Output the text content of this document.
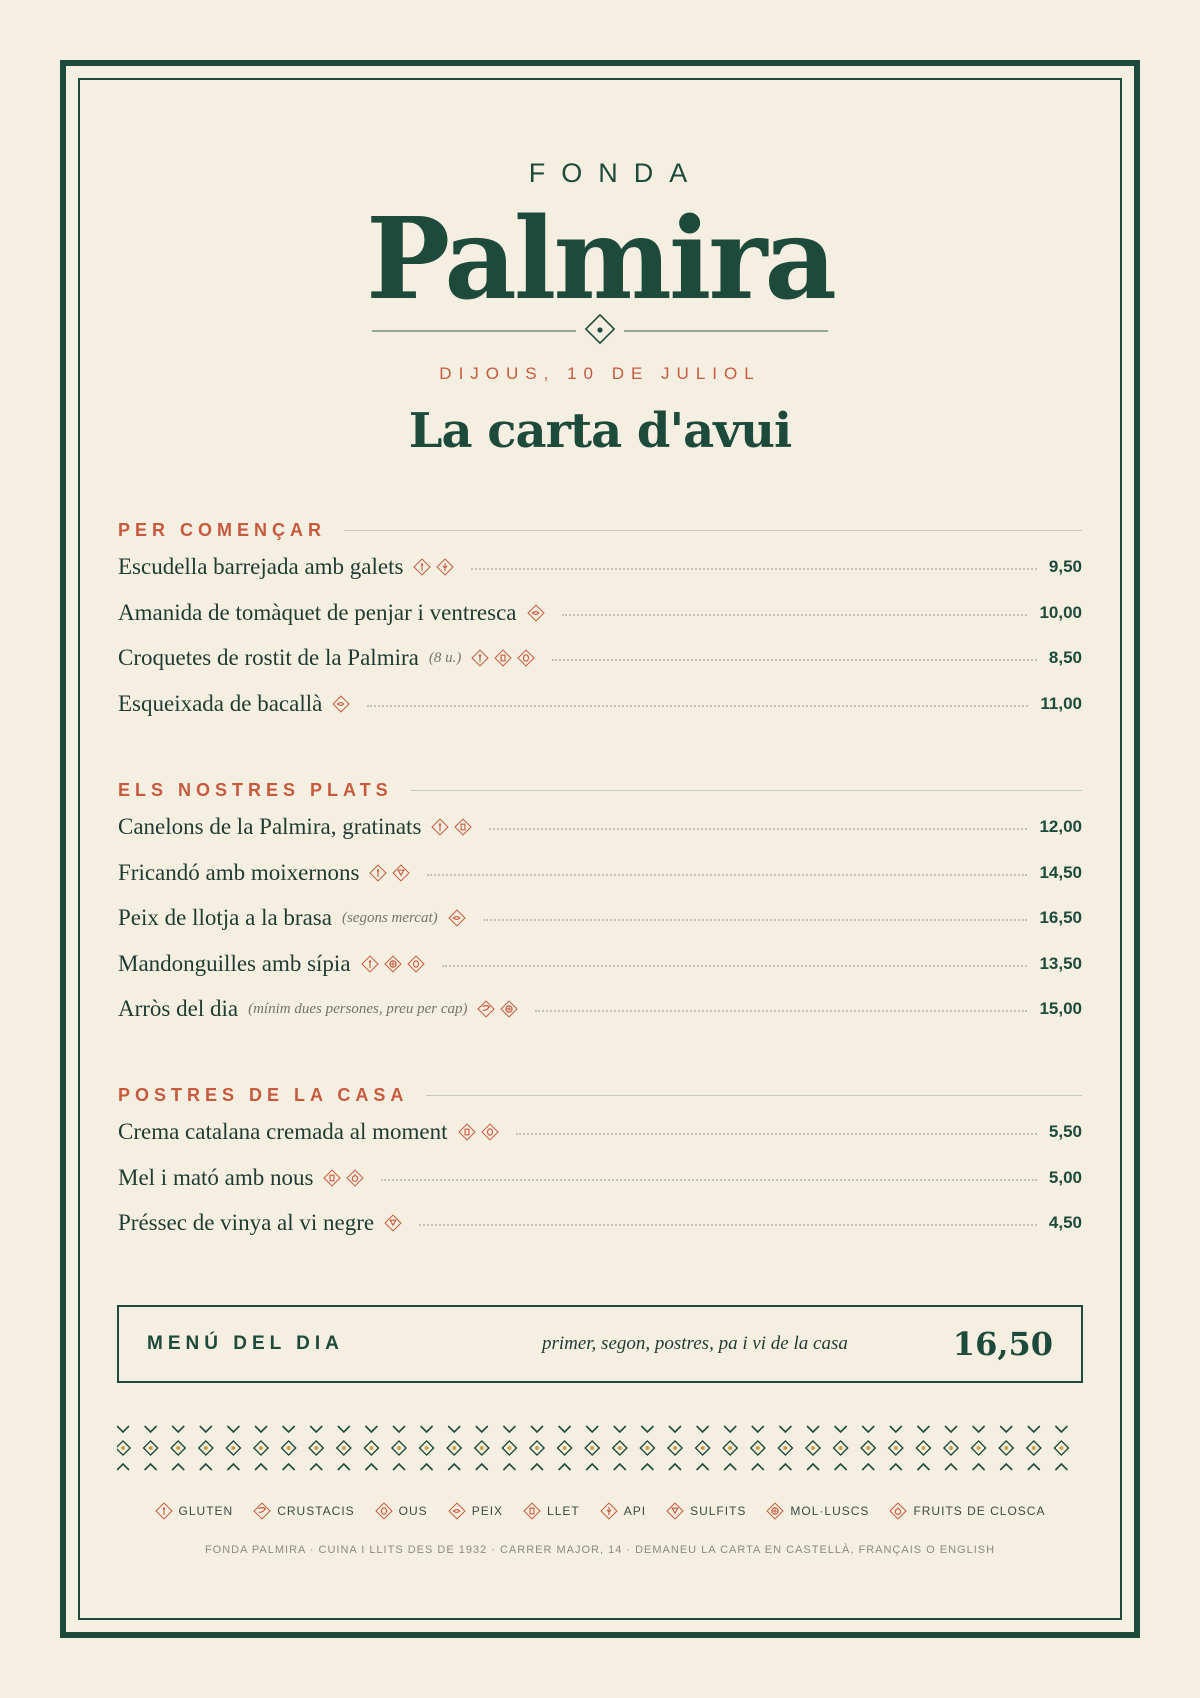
FONDA
Palmira
DIJOUS, 10 DE JULIOL
La carta d'avui
PER COMENÇAR
Escudella barrejada amb galets	9,50
Amanida de tomàquet de penjar i ventresca	10,00
Croquetes de rostit de la Palmira (8 u.)	8,50
Esqueixada de bacallà	11,00
ELS NOSTRES PLATS
Canelons de la Palmira, gratinats	12,00
Fricandó amb moixernons	14,50
Peix de llotja a la brasa (segons mercat)	16,50
Mandonguilles amb sípia	13,50
Arròs del dia (mínim dues persones, preu per cap)	15,00
POSTRES DE LA CASA
Crema catalana cremada al moment	5,50
Mel i mató amb nous	5,00
Préssec de vinya al vi negre	4,50
MENÚ DEL DIA	primer, segon, postres, pa i vi de la casa	16,50
GLUTEN	CRUSTACIS	OUS	PEIX	LLET	API	SULFITS	MOL·LUSCS	FRUITS DE CLOSCA
FONDA PALMIRA · CUINA I LLITS DES DE 1932 · CARRER MAJOR, 14 · DEMANEU LA CARTA EN CASTELLÀ, FRANÇAIS O ENGLISH
